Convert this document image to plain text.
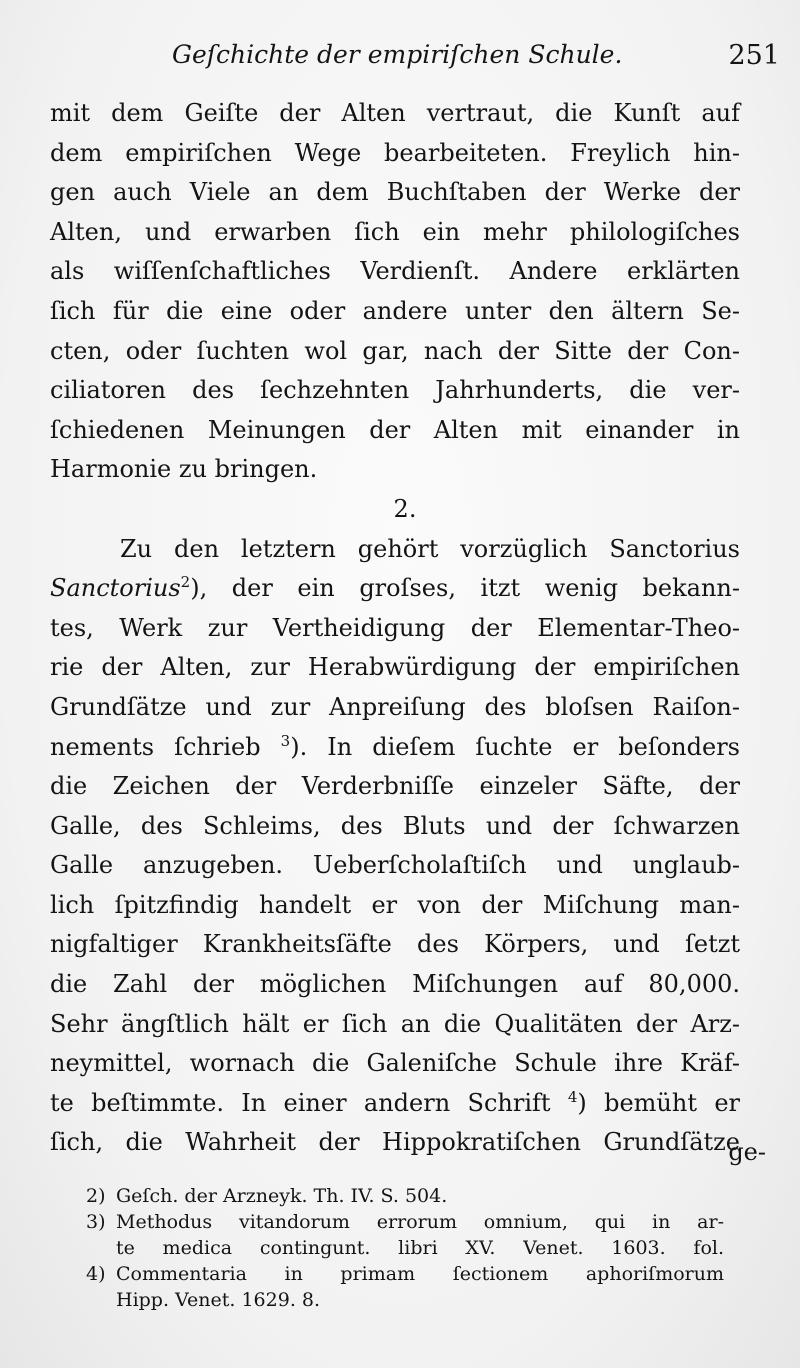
Geſchichte der empiriſchen Schule.	251
mit dem Geiſte der Alten vertraut, die Kunſt auf
dem empiriſchen Wege bearbeiteten. Freylich hin-
gen auch Viele an dem Buchſtaben der Werke der
Alten, und erwarben ſich ein mehr philologiſches
als wiſſenſchaftliches Verdienſt. Andere erklärten
ſich für die eine oder andere unter den ältern Se-
cten, oder ſuchten wol gar, nach der Sitte der Con-
ciliatoren des ſechzehnten Jahrhunderts, die ver-
ſchiedenen Meinungen der Alten mit einander in
Harmonie zu bringen.
2.
Zu den letztern gehört vorzüglich Sanctorius
Sanctorius$^2$), der ein groſses, itzt wenig bekann-
tes, Werk zur Vertheidigung der Elementar-Theo-
rie der Alten, zur Herabwürdigung der empiriſchen
Grundſätze und zur Anpreiſung des bloſsen Raiſon-
nements ſchrieb $^3$). In dieſem ſuchte er beſonders
die Zeichen der Verderbniſſe einzeler Säfte, der
Galle, des Schleims, des Bluts und der ſchwarzen
Galle anzugeben. Ueberſcholaſtiſch und unglaub-
lich ſpitzfindig handelt er von der Miſchung man-
nigfaltiger Krankheitsſäfte des Körpers, und ſetzt
die Zahl der möglichen Miſchungen auf 80,000.
Sehr ängſtlich hält er ſich an die Qualitäten der Arz-
neymittel, wornach die Galeniſche Schule ihre Kräf-
te beſtimmte. In einer andern Schrift $^4$) bemüht er
ſich, die Wahrheit der Hippokratiſchen Grundſätze
ge-
2) Geſch. der Arzneyk. Th. IV. S. 504.
3) Methodus vitandorum errorum omnium, qui in ar-
te medica contingunt. libri XV. Venet. 1603. fol.
4) Commentaria in primam ſectionem aphoriſmorum
Hipp. Venet. 1629. 8.
